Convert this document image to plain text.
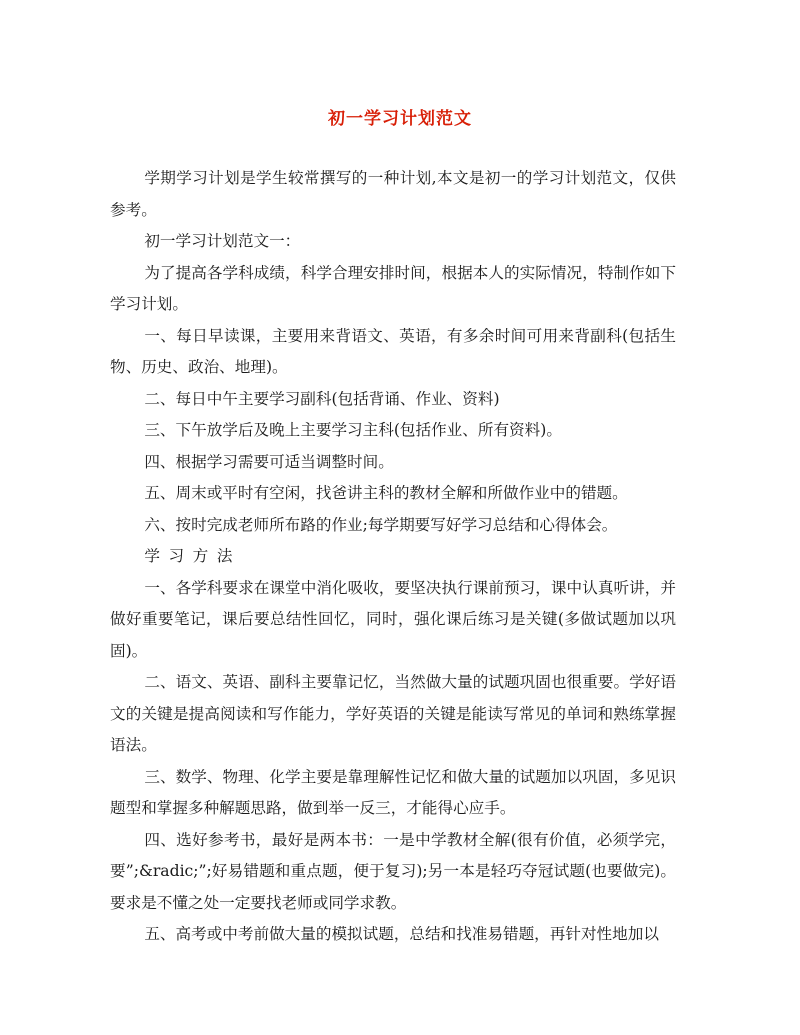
初一学习计划范文

学期学习计划是学生较常撰写的一种计划,本文是初一的学习计划范文，仅供参考。

初一学习计划范文一：

为了提高各学科成绩，科学合理安排时间，根据本人的实际情况，特制作如下学习计划。

一、每日早读课，主要用来背语文、英语，有多余时间可用来背副科(包括生物、历史、政治、地理)。

二、每日中午主要学习副科(包括背诵、作业、资料)

三、下午放学后及晚上主要学习主科(包括作业、所有资料)。

四、根据学习需要可适当调整时间。

五、周末或平时有空闲，找爸讲主科的教材全解和所做作业中的错题。

六、按时完成老师所布路的作业;每学期要写好学习总结和心得体会。

学习方法

一、各学科要求在课堂中消化吸收，要坚决执行课前预习，课中认真听讲，并做好重要笔记，课后要总结性回忆，同时，强化课后练习是关键(多做试题加以巩固)。

二、语文、英语、副科主要靠记忆，当然做大量的试题巩固也很重要。学好语文的关键是提高阅读和写作能力，学好英语的关键是能读写常见的单词和熟练掌握语法。

三、数学、物理、化学主要是靠理解性记忆和做大量的试题加以巩固，多见识题型和掌握多种解题思路，做到举一反三，才能得心应手。

四、选好参考书，最好是两本书：一是中学教材全解(很有价值，必须学完，要”;&radic;”;好易错题和重点题，便于复习);另一本是轻巧夺冠试题(也要做完)。要求是不懂之处一定要找老师或同学求教。

五、高考或中考前做大量的模拟试题，总结和找准易错题，再针对性地加以
